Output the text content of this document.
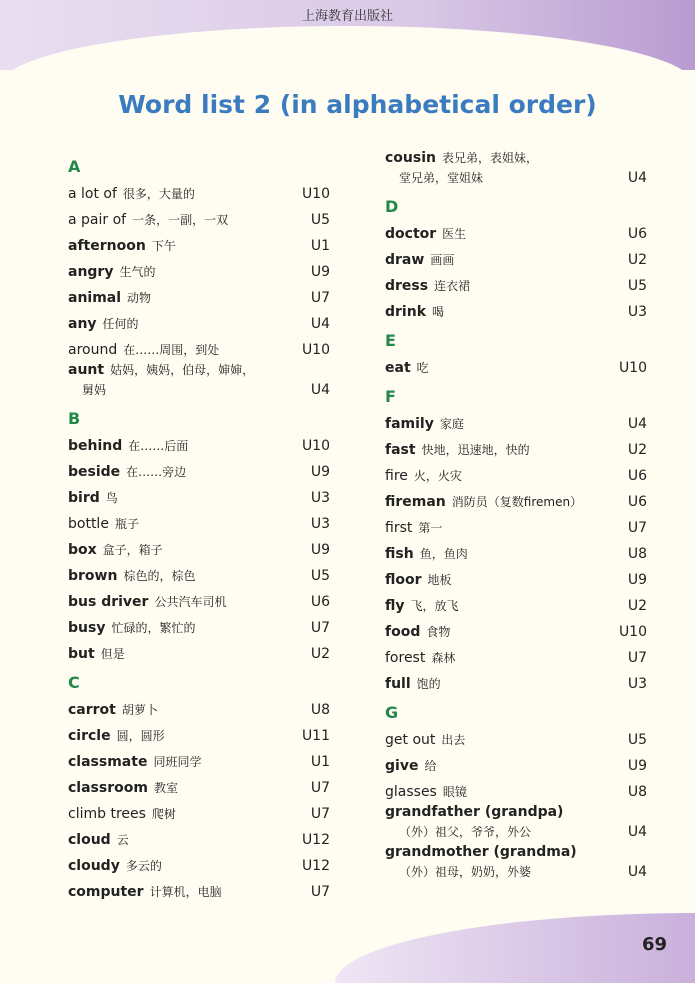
上海教育出版社
Word list 2 (in alphabetical order)
A
a lot of 很多，大量的	U10
a pair of 一条，一副，一双	U5
afternoon 下午	U1
angry 生气的	U9
animal 动物	U7
any 任何的	U4
around 在……周围，到处	U10
aunt 姑妈，姨妈，伯母，婶婶，
舅妈	U4
B
behind 在……后面	U10
beside 在……旁边	U9
bird 鸟	U3
bottle 瓶子	U3
box 盒子，箱子	U9
brown 棕色的，棕色	U5
bus driver 公共汽车司机	U6
busy 忙碌的，繁忙的	U7
but 但是	U2
C
carrot 胡萝卜	U8
circle 圆，圆形	U11
classmate 同班同学	U1
classroom 教室	U7
climb trees 爬树	U7
cloud 云	U12
cloudy 多云的	U12
computer 计算机，电脑	U7
cousin 表兄弟，表姐妹，
堂兄弟，堂姐妹	U4
D
doctor 医生	U6
draw 画画	U2
dress 连衣裙	U5
drink 喝	U3
E
eat 吃	U10
F
family 家庭	U4
fast 快地，迅速地，快的	U2
fire 火，火灾	U6
fireman 消防员（复数firemen）	U6
first 第一	U7
fish 鱼，鱼肉	U8
floor 地板	U9
fly 飞，放飞	U2
food 食物	U10
forest 森林	U7
full 饱的	U3
G
get out 出去	U5
give 给	U9
glasses 眼镜	U8
grandfather (grandpa)
（外）祖父，爷爷，外公	U4
grandmother (grandma)
（外）祖母，奶奶，外婆	U4
69
